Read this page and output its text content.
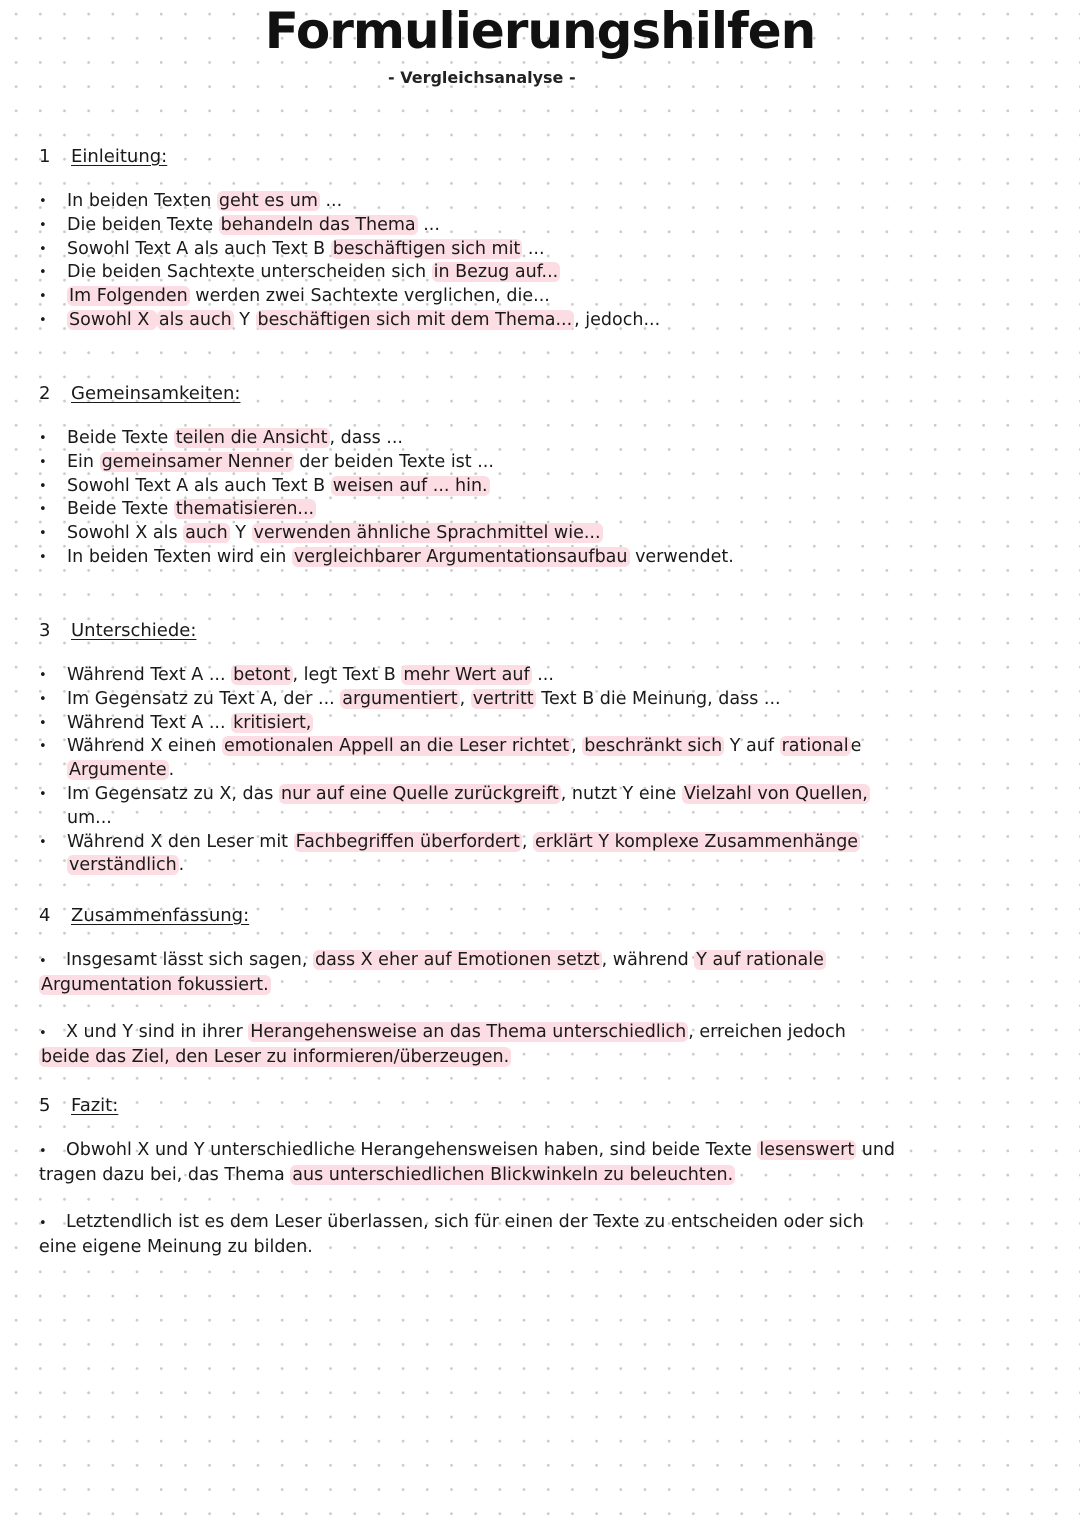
Formulierungshilfen
- Vergleichsanalyse -

1 Einleitung:

• In beiden Texten geht es um ...
• Die beiden Texte behandeln das Thema ...
• Sowohl Text A als auch Text B beschäftigen sich mit ...
• Die beiden Sachtexte unterscheiden sich in Bezug auf...
• Im Folgenden werden zwei Sachtexte verglichen, die...
• Sowohl X als auch Y beschäftigen sich mit dem Thema... , jedoch...

2 Gemeinsamkeiten:

• Beide Texte teilen die Ansicht , dass ...
• Ein gemeinsamer Nenner der beiden Texte ist ...
• Sowohl Text A als auch Text B weisen auf ... hin.
• Beide Texte thematisieren...
• Sowohl X als auch Y verwenden ähnliche Sprachmittel wie...
• In beiden Texten wird ein vergleichbarer Argumentationsaufbau verwendet.

3 Unterschiede:

• Während Text A ... betont , legt Text B mehr Wert auf ...
• Im Gegensatz zu Text A, der ... argumentiert , vertritt Text B die Meinung, dass ...
• Während Text A ... kritisiert,
• Während X einen emotionalen Appell an die Leser richtet , beschränkt sich Y auf rational e
Argumente .
• Im Gegensatz zu X, das nur auf eine Quelle zurückgreift , nutzt Y eine Vielzahl von Quellen,
um...
• Während X den Leser mit Fachbegriffen überfordert , erklärt Y komplexe Zusammenhänge
verständlich .

4 Zusammenfassung:

• Insgesamt lässt sich sagen, dass X eher auf Emotionen setzt , während Y auf rationale
Argumentation fokussiert.

• X und Y sind in ihrer Herangehensweise an das Thema unterschiedlich , erreichen jedoch
beide das Ziel, den Leser zu informieren/überzeugen.

5 Fazit:

• Obwohl X und Y unterschiedliche Herangehensweisen haben, sind beide Texte lesenswert und
tragen dazu bei, das Thema aus unterschiedlichen Blickwinkeln zu beleuchten.

• Letztendlich ist es dem Leser überlassen, sich für einen der Texte zu entscheiden oder sich
eine eigene Meinung zu bilden.
